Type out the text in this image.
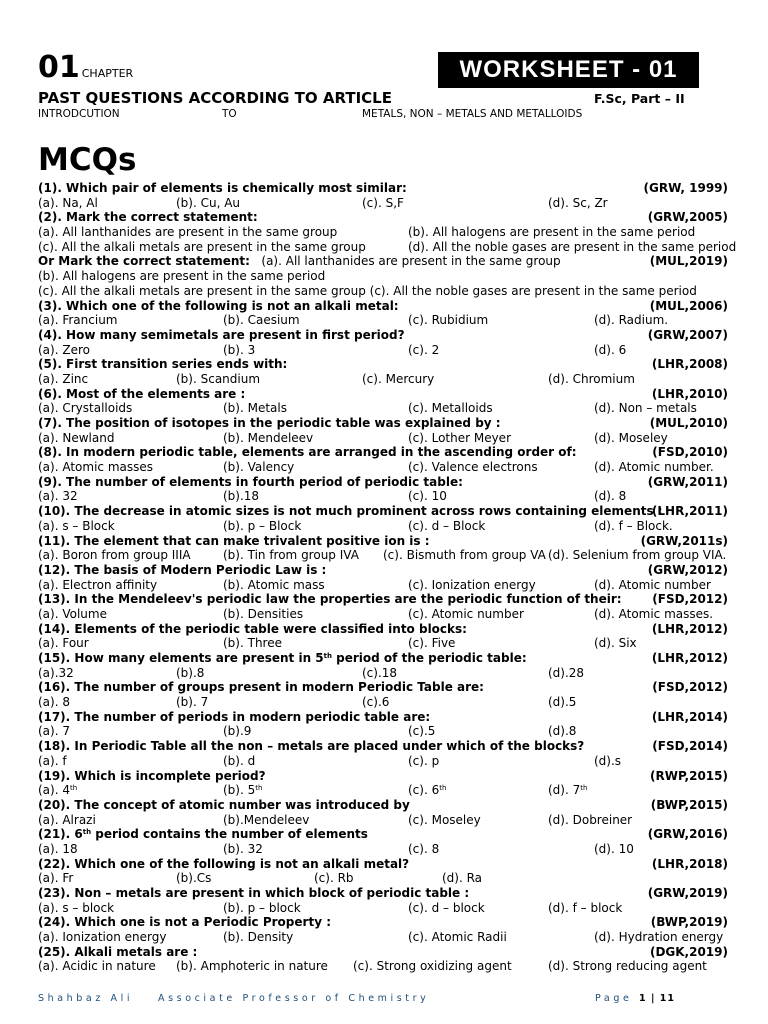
01 CHAPTER	WORKSHEET - 01
PAST QUESTIONS ACCORDING TO ARTICLE	F.Sc, Part – II
INTRODCUTION	TO	METALS, NON – METALS AND METALLOIDS
MCQs
(1). Which pair of elements is chemically most similar:	(GRW, 1999)
(a). Na, Al	(b). Cu, Au	(c). S,F	(d). Sc, Zr
(2). Mark the correct statement:	(GRW,2005)
(a). All lanthanides are present in the same group	(b). All halogens are present in the same period
(c). All the alkali metals are present in the same group	(d). All the noble gases are present in the same period
Or Mark the correct statement:   (a). All lanthanides are present in the same group	(MUL,2019)
(b). All halogens are present in the same period
(c). All the alkali metals are present in the same group (c). All the noble gases are present in the same period
(3). Which one of the following is not an alkali metal:	(MUL,2006)
(a). Francium	(b). Caesium	(c). Rubidium	(d). Radium.
(4). How many semimetals are present in first period?	(GRW,2007)
(a). Zero	(b). 3	(c). 2	(d). 6
(5). First transition series ends with:	(LHR,2008)
(a). Zinc	(b). Scandium	(c). Mercury	(d). Chromium
(6). Most of the elements are :	(LHR,2010)
(a). Crystalloids	(b). Metals	(c). Metalloids	(d). Non – metals
(7). The position of isotopes in the periodic table was explained by :	(MUL,2010)
(a). Newland	(b). Mendeleev	(c). Lother Meyer	(d). Moseley
(8). In modern periodic table, elements are arranged in the ascending order of:	(FSD,2010)
(a). Atomic masses	(b). Valency	(c). Valence electrons	(d). Atomic number.
(9). The number of elements in fourth period of periodic table:	(GRW,2011)
(a). 32	(b).18	(c). 10	(d). 8
(10). The decrease in atomic sizes is not much prominent across rows containing elements :
(LHR,2011)
(a). s – Block	(b). p – Block	(c). d – Block	(d). f – Block.
(11). The element that can make trivalent positive ion is :	(GRW,2011s)
(a). Boron from group IIIA	(b). Tin from group IVA (c). Bismuth from group VA (d). Selenium from group VIA.
(12). The basis of Modern Periodic Law is :	(GRW,2012)
(a). Electron affinity	(b). Atomic mass	(c). Ionization energy	(d). Atomic number
(13). In the Mendeleev's periodic law the properties are the periodic function of their:	(FSD,2012)
(a). Volume	(b). Densities	(c). Atomic number	(d). Atomic masses.
(14). Elements of the periodic table were classified into blocks:	(LHR,2012)
(a). Four	(b). Three	(c). Five	(d). Six
(15). How many elements are present in 5th period of the periodic table:	(LHR,2012)
(a).32	(b).8	(c).18	(d).28
(16). The number of groups present in modern Periodic Table are:	(FSD,2012)
(a). 8	(b). 7	(c).6	(d).5
(17). The number of periods in modern periodic table are:	(LHR,2014)
(a). 7	(b).9	(c).5	(d).8
(18). In Periodic Table all the non – metals are placed under which of the blocks?	(FSD,2014)
(a). f	(b). d	(c). p	(d).s
(19). Which is incomplete period?	(RWP,2015)
(a). 4th	(b). 5th	(c). 6th	(d). 7th
(20). The concept of atomic number was introduced by	(BWP,2015)
(a). Alrazi	(b).Mendeleev	(c). Moseley	(d). Dobreiner
(21). 6th period contains the number of elements	(GRW,2016)
(a). 18	(b). 32	(c). 8	(d). 10
(22). Which one of the following is not an alkali metal?	(LHR,2018)
(a). Fr	(b).Cs	(c). Rb	(d). Ra
(23). Non – metals are present in which block of periodic table :	(GRW,2019)
(a). s – block	(b). p – block	(c). d – block	(d). f – block
(24). Which one is not a Periodic Property :	(BWP,2019)
(a). Ionization energy	(b). Density	(c). Atomic Radii	(d). Hydration energy
(25). Alkali metals are :	(DGK,2019)
(a). Acidic in nature (b). Amphoteric in nature (c). Strong oxidizing agent	(d). Strong reducing agent
Shahbaz Ali	Associate Professor of Chemistry	Page 1 | 11
